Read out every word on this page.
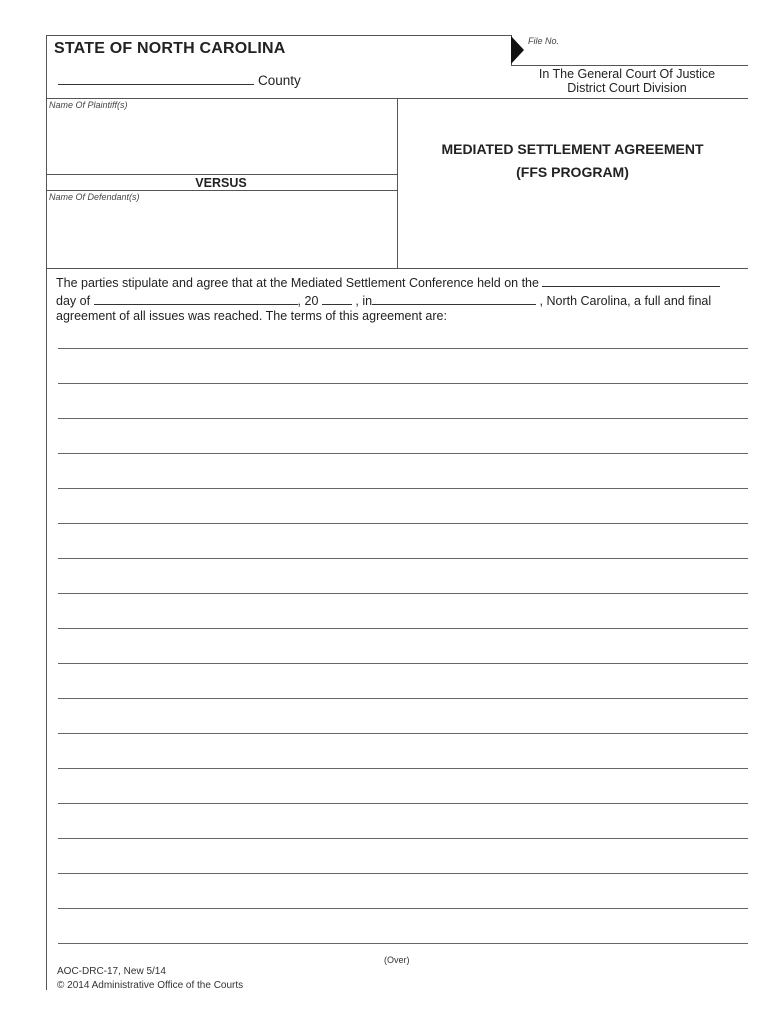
STATE OF NORTH CAROLINA
County
File No.
In The General Court Of Justice
District Court Division
Name Of Plaintiff(s)
VERSUS
Name Of Defendant(s)
MEDIATED SETTLEMENT AGREEMENT
(FFS PROGRAM)
The parties stipulate and agree that at the Mediated Settlement Conference held on the
day of	, 20	, in	, North Carolina, a full and final
agreement of all issues was reached. The terms of this agreement are:
(Over)
AOC-DRC-17, New 5/14
© 2014 Administrative Office of the Courts
